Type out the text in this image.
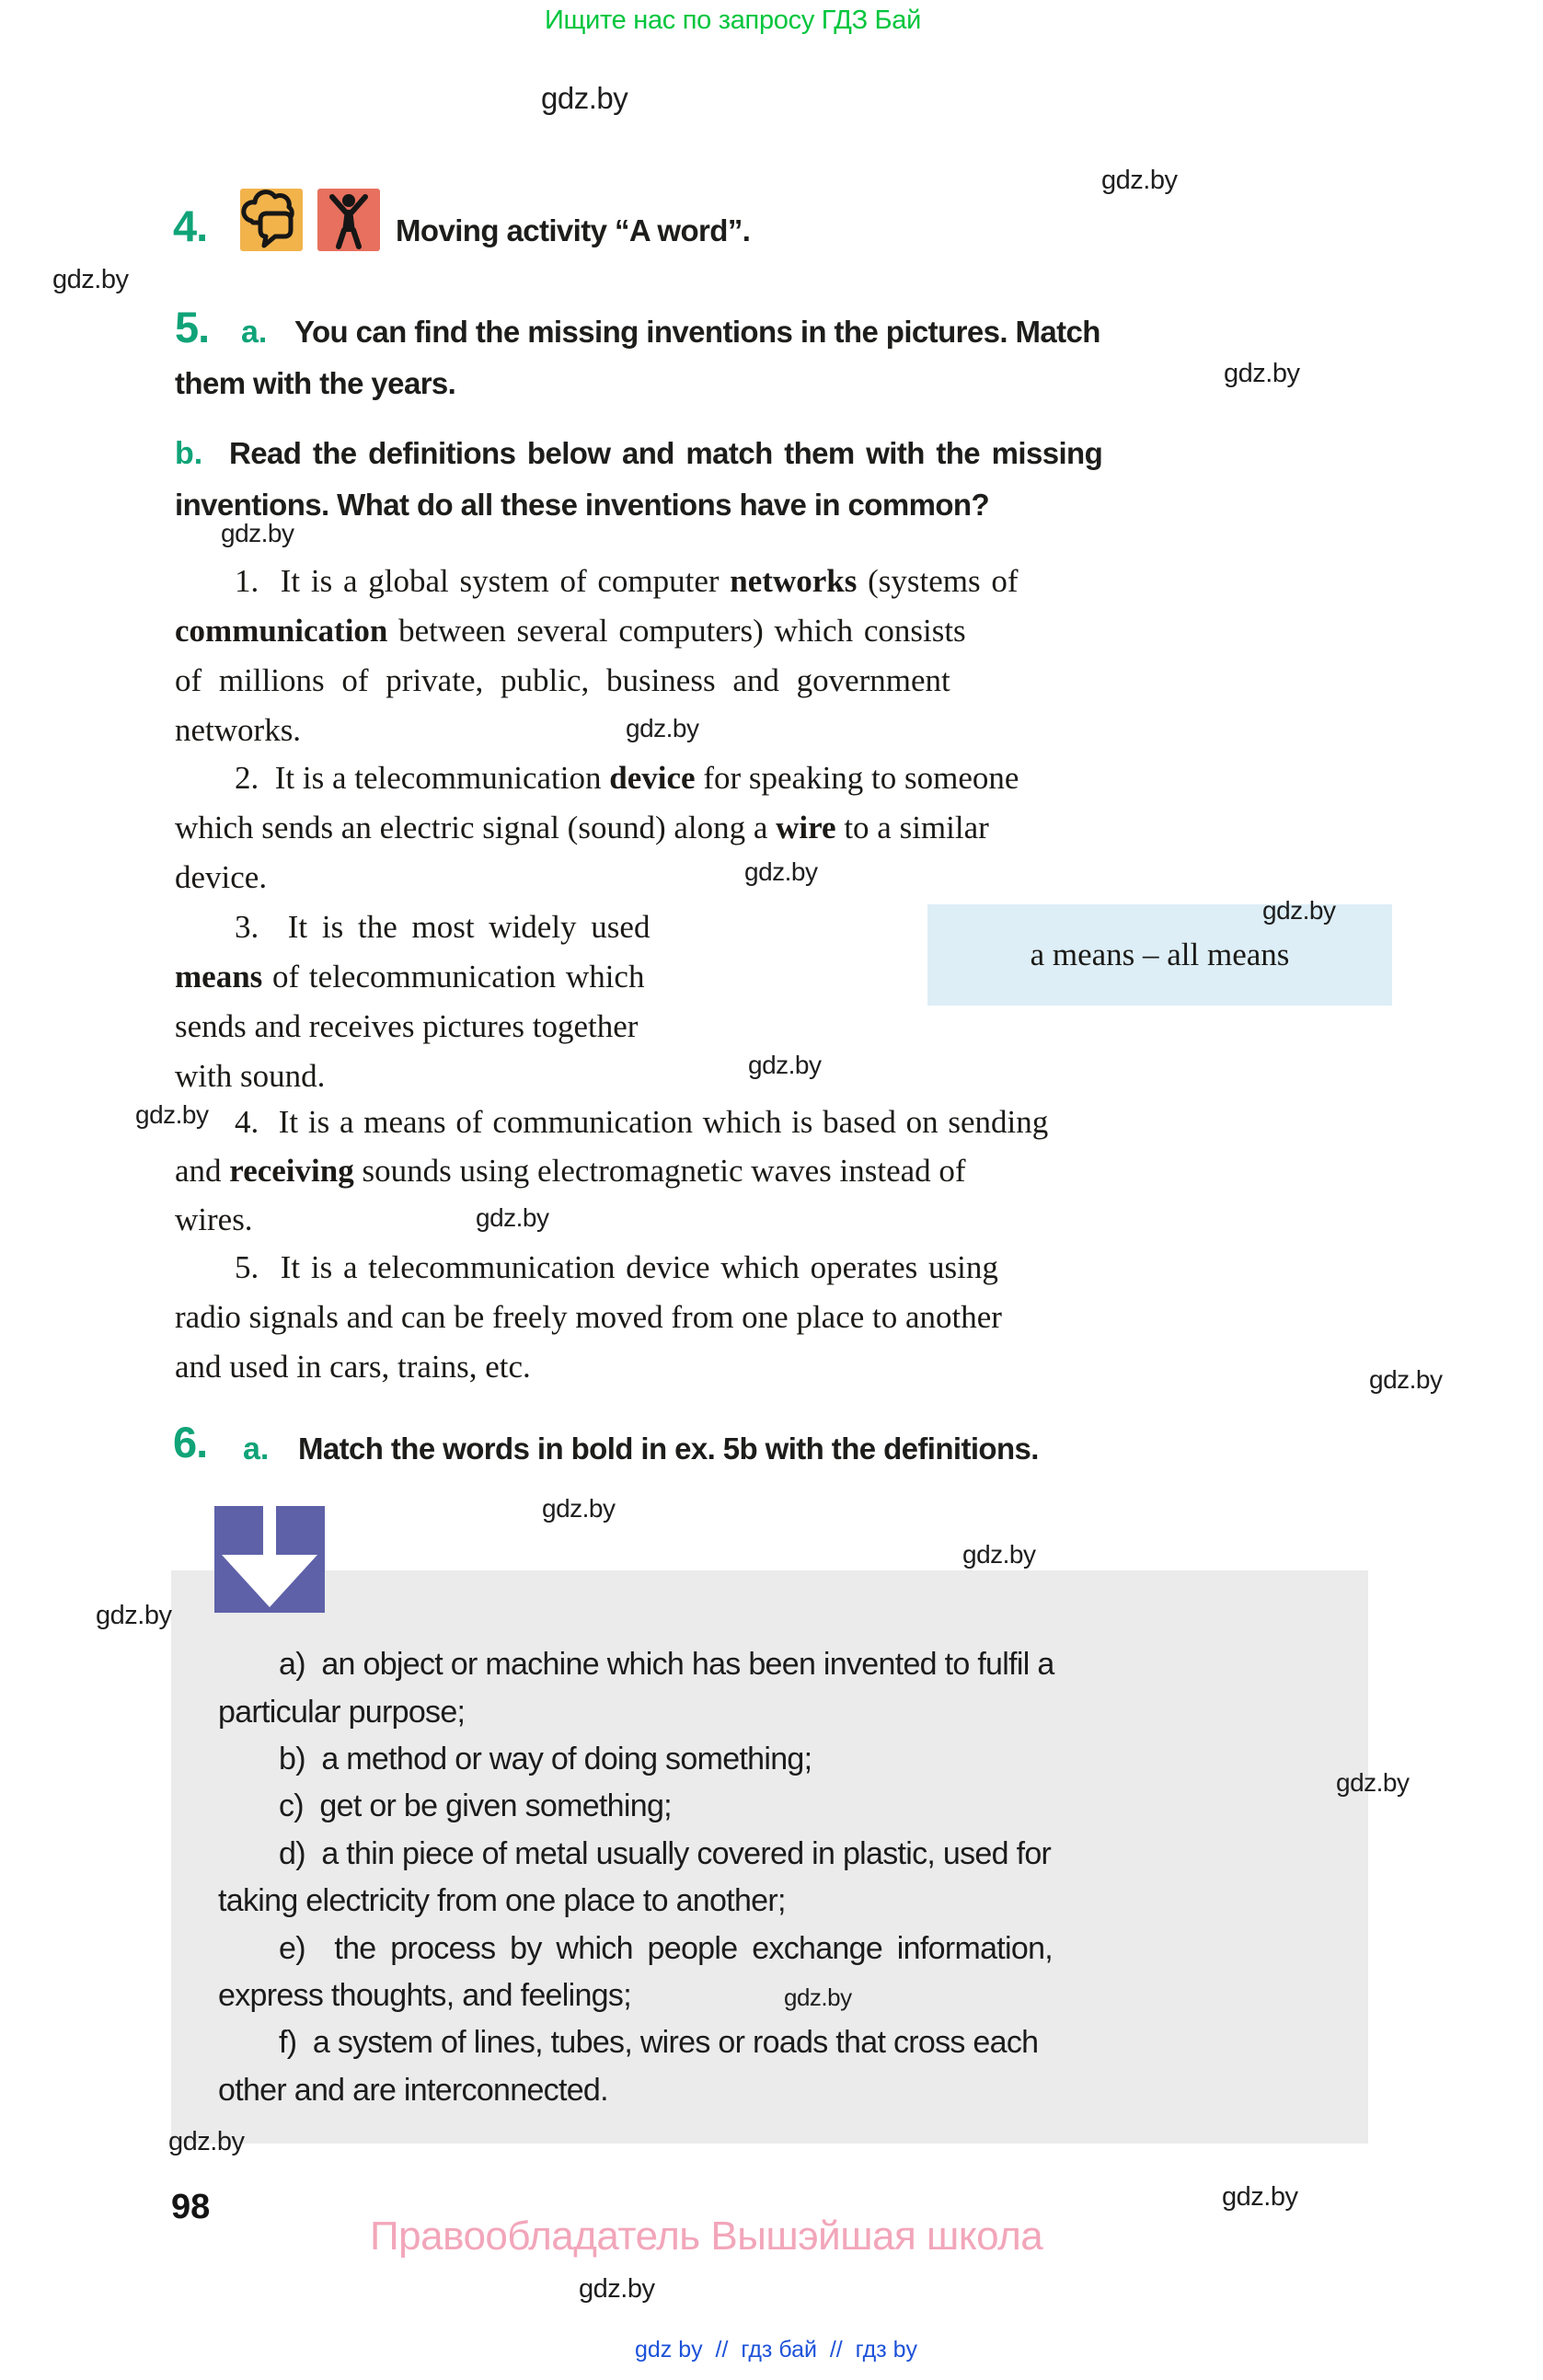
Ищите нас по запросу ГДЗ Бай
gdz.by
gdz.by
gdz.by
gdz.by
gdz.by
gdz.by
gdz.by
gdz.by
gdz.by
gdz.by
gdz.by
gdz.by
gdz.by
gdz.by
gdz.by
gdz.by
gdz.by
gdz.by
gdz.by
gdz.by
4.	Moving activity “A word”.
5. a. You can find the missing inventions in the pictures. Match
them with the years.
b. Read the definitions below and match them with the missing
inventions. What do all these inventions have in common?
1.  It is a global system of computer networks (systems of
communication between several computers) which consists
of millions of private, public, business and government
networks.
2.  It is a telecommunication device for speaking to someone
which sends an electric signal (sound) along a wire to a similar
device.
3.  It is the most widely used
means of telecommunication which
sends and receives pictures together
with sound.
a means – all means
4.  It is a means of communication which is based on sending
and receiving sounds using electromagnetic waves instead of
wires.
5.  It is a telecommunication device which operates using
radio signals and can be freely moved from one place to another
and used in cars, trains, etc.
6. a. Match the words in bold in ex. 5b with the definitions.
a)  an object or machine which has been invented to fulfil a
particular purpose;
b)  a method or way of doing something;
c)  get or be given something;
d)  a thin piece of metal usually covered in plastic, used for
taking electricity from one place to another;
e)  the process by which people exchange information,
express thoughts, and feelings;
f)  a system of lines, tubes, wires or roads that cross each
other and are interconnected.
98
Правообладатель Вышэйшая школа
gdz by  //  гдз бай  //  гдз by
